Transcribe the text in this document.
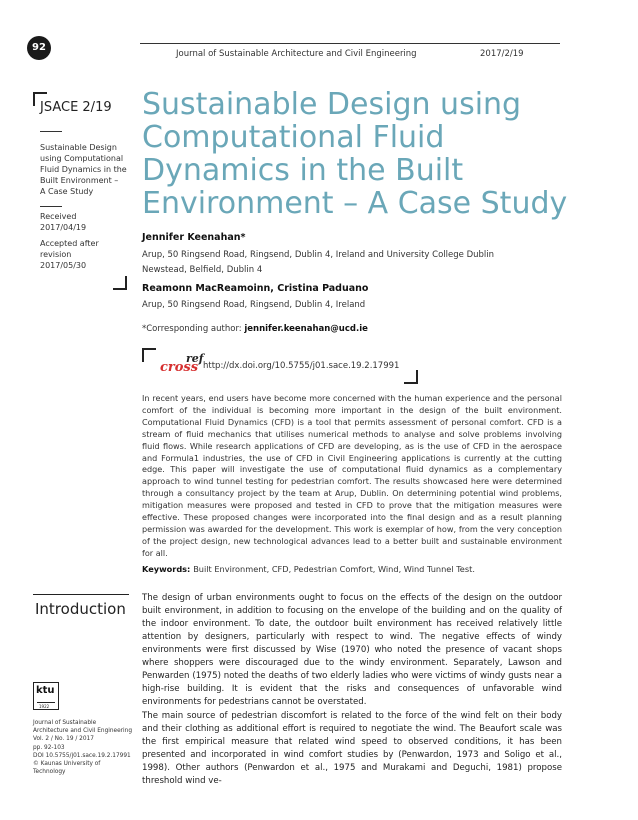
92
Journal of Sustainable Architecture and Civil Engineering	2017/2/19
JSACE 2/19
Sustainable Design
using Computational
Fluid Dynamics in the
Built Environment –
A Case Study
Received
2017/04/19
Accepted after
revision
2017/05/30
Sustainable Design using
Computational Fluid
Dynamics in the Built
Environment – A Case Study
Jennifer Keenahan*
Arup, 50 Ringsend Road, Ringsend, Dublin 4, Ireland and University College Dublin
Newstead, Belfield, Dublin 4
Reamonn MacReamoinn, Cristina Paduano
Arup, 50 Ringsend Road, Ringsend, Dublin 4, Ireland
*Corresponding author: jennifer.keenahan@ucd.ie
cross
ref
http://dx.doi.org/10.5755/j01.sace.19.2.17991
In recent years, end users have become more concerned with the human experience and the personal comfort of the individual is becoming more important in the design of the built environment. Computational Fluid Dynamics (CFD) is a tool that permits assessment of personal comfort. CFD is a stream of fluid mechanics that utilises numerical methods to analyse and solve problems involving fluid flows. While research applications of CFD are developing, as is the use of CFD in the aerospace and Formula1 industries, the use of CFD in Civil Engineering applications is currently at the cutting edge. This paper will investigate the use of computational fluid dynamics as a complementary approach to wind tunnel testing for pedestrian comfort. The results showcased here were determined through a consultancy project by the team at Arup, Dublin. On determining potential wind problems, mitigation measures were proposed and tested in CFD to prove that the mitigation measures were effective. These proposed changes were incorporated into the final design and as a result planning permission was awarded for the development. This work is exemplar of how, from the very conception of the project design, new technological advances lead to a better built and sustainable environment for all.
Keywords: Built Environment, CFD, Pedestrian Comfort, Wind, Wind Tunnel Test.
Introduction
The design of urban environments ought to focus on the effects of the design on the outdoor built environment, in addition to focusing on the envelope of the building and on the quality of the indoor environment. To date, the outdoor built environment has received relatively little attention by designers, particularly with respect to wind. The negative effects of windy environments were first discussed by Wise (1970) who noted the presence of vacant shops where shoppers were discouraged due to the windy environment. Separately, Lawson and Penwarden (1975) noted the deaths of two elderly ladies who were victims of windy gusts near a high-rise building. It is evident that the risks and consequences of unfavorable wind environments for pedestrians cannot be overstated.
The main source of pedestrian discomfort is related to the force of the wind felt on their body and their clothing as additional effort is required to negotiate the wind. The Beaufort scale was the first empirical measure that related wind speed to observed conditions, it has been presented and incorporated in wind comfort studies by (Penwardon, 1973 and Soligo et al., 1998). Other authors (Penwardon et al., 1975 and Murakami and Deguchi, 1981) propose threshold wind ve-
ktu
1922
Journal of Sustainable
Architecture and Civil Engineering
Vol. 2 / No. 19 / 2017
pp. 92-103
DOI 10.5755/j01.sace.19.2.17991
© Kaunas University of Technology
